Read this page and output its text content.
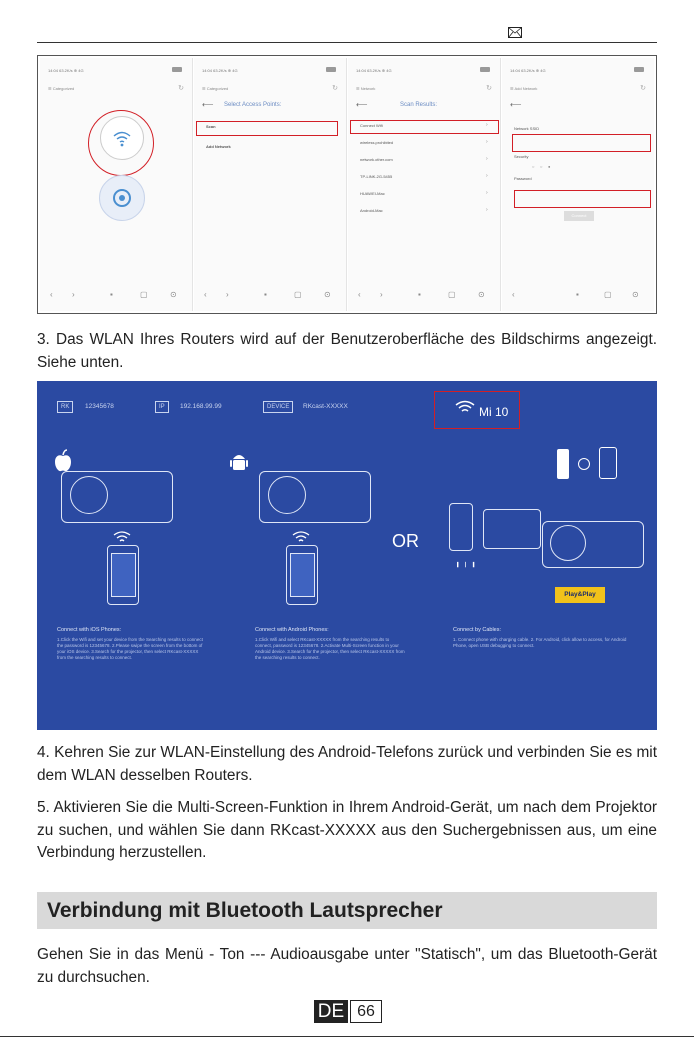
14:04 63.2K/s ⊕ 4G
☰ Categorized	↻
‹ ›	▪	▢	⊙
14:04 63.2K/s ⊕ 4G
☰ Categorized	↻
⟵ Select Access Points:
Scan
Add Network
‹ ›	▪	▢	⊙
14:04 63.2K/s ⊕ 4G
☰ Network	↻
⟵	Scan Results:
Connect Wifi	›
wireless.prohibited	›
network.other.com	›
TP-LINK-2G-5455	›
HUAWEI-Mac	›
Android-Mac	›
‹ ›	▪	▢	⊙
14:04 63.2K/s ⊕ 4G
☰ Add Network	↻
⟵
Network SSID
Security
○     ○     ●
Password
Connect
‹	▪	▢	⊙

3. Das WLAN Ihres Routers wird auf der Benutzeroberfläche des Bildschirms angezeigt. Siehe unten.

RK	12345678	IP	192.168.99.99	DEVICE	RKcast-XXXXX	Mi 10
OR
╻ ╷ ╻
Play&Play
Connect with iOS Phones:
1.Click the Wifi and set your device from the Searching results to connect the password is 12345678. 2.Please swipe the screen from the bottom of your iOS device. 3.Search for the projector, then select RKcast-XXXXX from the searching results to connect.
Connect with Android Phones:
1.Click Wifi and select RKcast-XXXXX from the searching results to connect, password is 12345678. 2.Activate Multi-Screen function in your Android device. 3.Search for the projector, then select RKcast-XXXXX from the searching results to connect.
Connect by Cables:
1. Connect phone with charging cable. 2. For Android, click allow to access, for Android Phone, open USB debugging to connect.

4. Kehren Sie zur WLAN-Einstellung des Android-Telefons zurück und verbinden Sie es mit dem WLAN desselben Routers.

5. Aktivieren Sie die Multi-Screen-Funktion in Ihrem Android-Gerät, um nach dem Projektor zu suchen, und wählen Sie dann RKcast-XXXXX aus den Suchergebnissen aus, um eine Verbindung herzustellen.

Verbindung mit Bluetooth Lautsprecher

Gehen Sie in das Menü - Ton --- Audioausgabe unter "Statisch", um das Bluetooth-Gerät zu durchsuchen.

DE 66
